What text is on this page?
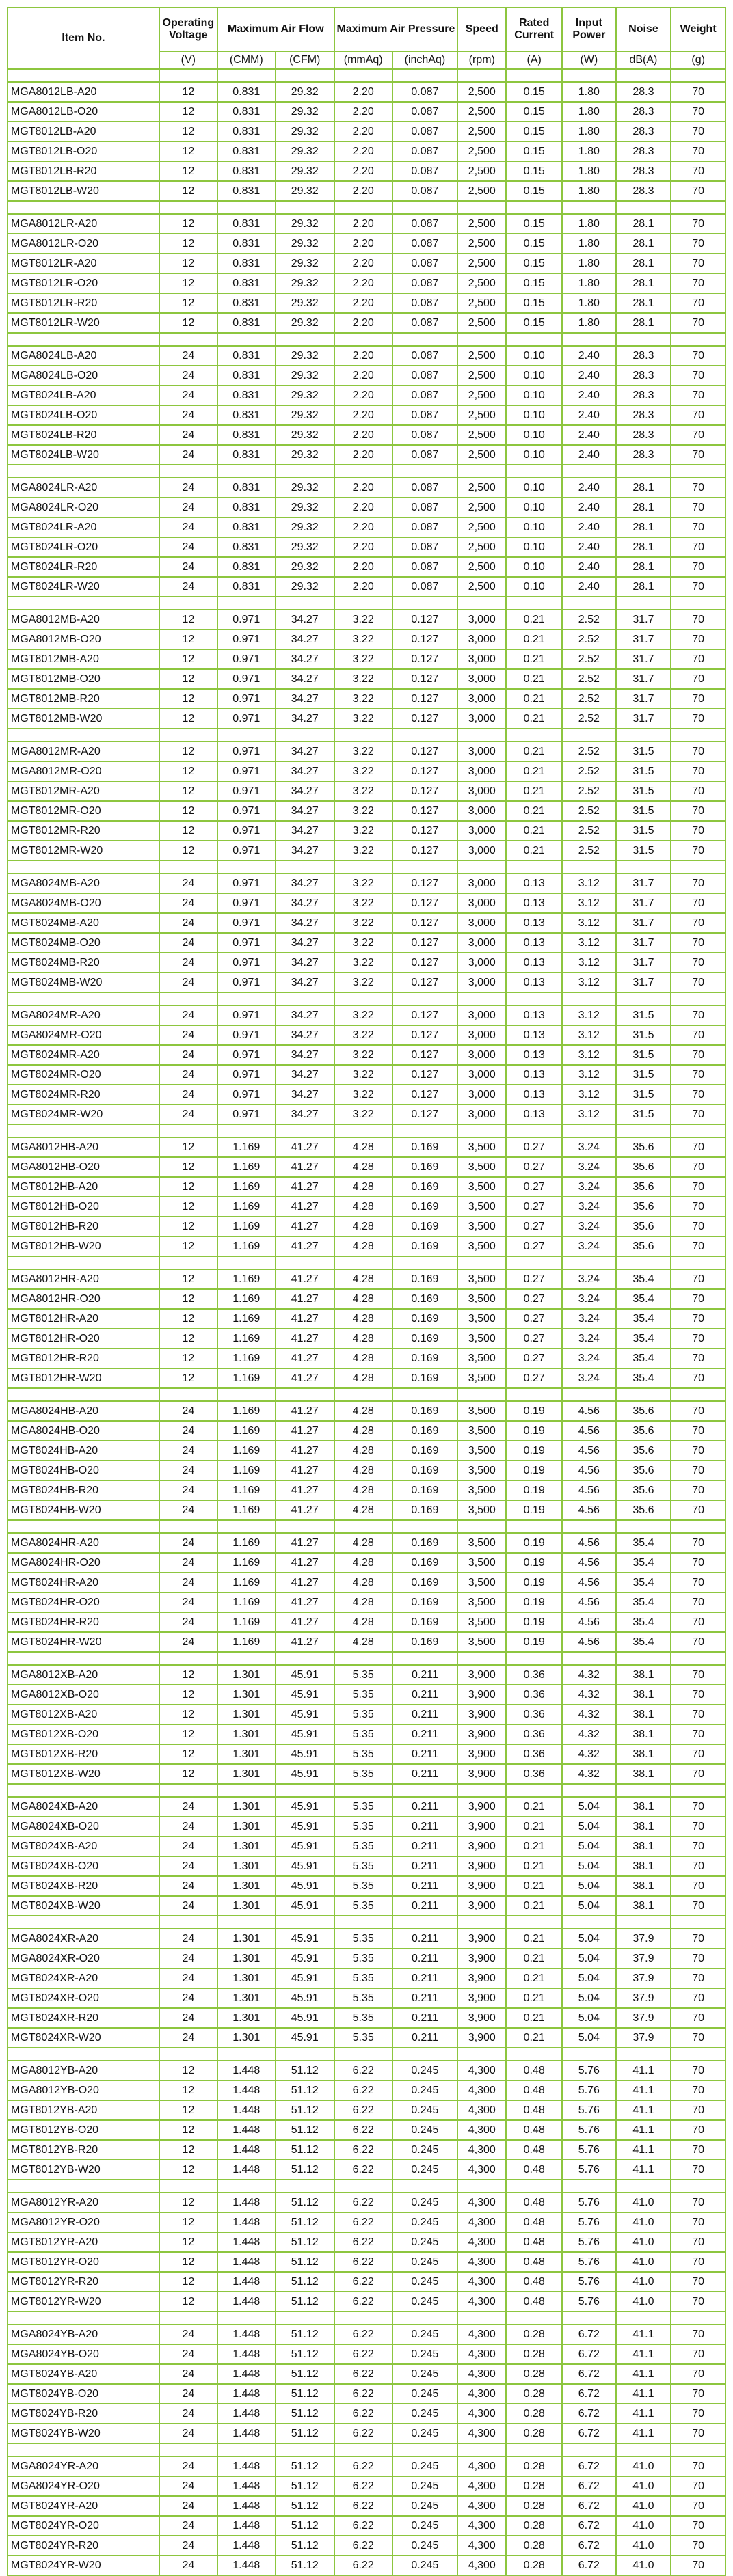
Item No.	Operating Voltage	Maximum Air Flow		Maximum Air Pressure		Speed	Rated Current	Input Power	Noise	Weight
	(V)	(CMM)	(CFM)	(mmAq)	(inchAq)	(rpm)	(A)	(W)	dB(A)	(g)

MGA8012LB-A20	12	0.831	29.32	2.20	0.087	2,500	0.15	1.80	28.3	70
MGA8012LB-O20	12	0.831	29.32	2.20	0.087	2,500	0.15	1.80	28.3	70
MGT8012LB-A20	12	0.831	29.32	2.20	0.087	2,500	0.15	1.80	28.3	70
MGT8012LB-O20	12	0.831	29.32	2.20	0.087	2,500	0.15	1.80	28.3	70
MGT8012LB-R20	12	0.831	29.32	2.20	0.087	2,500	0.15	1.80	28.3	70
MGT8012LB-W20	12	0.831	29.32	2.20	0.087	2,500	0.15	1.80	28.3	70

MGA8012LR-A20	12	0.831	29.32	2.20	0.087	2,500	0.15	1.80	28.1	70
MGA8012LR-O20	12	0.831	29.32	2.20	0.087	2,500	0.15	1.80	28.1	70
MGT8012LR-A20	12	0.831	29.32	2.20	0.087	2,500	0.15	1.80	28.1	70
MGT8012LR-O20	12	0.831	29.32	2.20	0.087	2,500	0.15	1.80	28.1	70
MGT8012LR-R20	12	0.831	29.32	2.20	0.087	2,500	0.15	1.80	28.1	70
MGT8012LR-W20	12	0.831	29.32	2.20	0.087	2,500	0.15	1.80	28.1	70

MGA8024LB-A20	24	0.831	29.32	2.20	0.087	2,500	0.10	2.40	28.3	70
MGA8024LB-O20	24	0.831	29.32	2.20	0.087	2,500	0.10	2.40	28.3	70
MGT8024LB-A20	24	0.831	29.32	2.20	0.087	2,500	0.10	2.40	28.3	70
MGT8024LB-O20	24	0.831	29.32	2.20	0.087	2,500	0.10	2.40	28.3	70
MGT8024LB-R20	24	0.831	29.32	2.20	0.087	2,500	0.10	2.40	28.3	70
MGT8024LB-W20	24	0.831	29.32	2.20	0.087	2,500	0.10	2.40	28.3	70

MGA8024LR-A20	24	0.831	29.32	2.20	0.087	2,500	0.10	2.40	28.1	70
MGA8024LR-O20	24	0.831	29.32	2.20	0.087	2,500	0.10	2.40	28.1	70
MGT8024LR-A20	24	0.831	29.32	2.20	0.087	2,500	0.10	2.40	28.1	70
MGT8024LR-O20	24	0.831	29.32	2.20	0.087	2,500	0.10	2.40	28.1	70
MGT8024LR-R20	24	0.831	29.32	2.20	0.087	2,500	0.10	2.40	28.1	70
MGT8024LR-W20	24	0.831	29.32	2.20	0.087	2,500	0.10	2.40	28.1	70

MGA8012MB-A20	12	0.971	34.27	3.22	0.127	3,000	0.21	2.52	31.7	70
MGA8012MB-O20	12	0.971	34.27	3.22	0.127	3,000	0.21	2.52	31.7	70
MGT8012MB-A20	12	0.971	34.27	3.22	0.127	3,000	0.21	2.52	31.7	70
MGT8012MB-O20	12	0.971	34.27	3.22	0.127	3,000	0.21	2.52	31.7	70
MGT8012MB-R20	12	0.971	34.27	3.22	0.127	3,000	0.21	2.52	31.7	70
MGT8012MB-W20	12	0.971	34.27	3.22	0.127	3,000	0.21	2.52	31.7	70

MGA8012MR-A20	12	0.971	34.27	3.22	0.127	3,000	0.21	2.52	31.5	70
MGA8012MR-O20	12	0.971	34.27	3.22	0.127	3,000	0.21	2.52	31.5	70
MGT8012MR-A20	12	0.971	34.27	3.22	0.127	3,000	0.21	2.52	31.5	70
MGT8012MR-O20	12	0.971	34.27	3.22	0.127	3,000	0.21	2.52	31.5	70
MGT8012MR-R20	12	0.971	34.27	3.22	0.127	3,000	0.21	2.52	31.5	70
MGT8012MR-W20	12	0.971	34.27	3.22	0.127	3,000	0.21	2.52	31.5	70

MGA8024MB-A20	24	0.971	34.27	3.22	0.127	3,000	0.13	3.12	31.7	70
MGA8024MB-O20	24	0.971	34.27	3.22	0.127	3,000	0.13	3.12	31.7	70
MGT8024MB-A20	24	0.971	34.27	3.22	0.127	3,000	0.13	3.12	31.7	70
MGT8024MB-O20	24	0.971	34.27	3.22	0.127	3,000	0.13	3.12	31.7	70
MGT8024MB-R20	24	0.971	34.27	3.22	0.127	3,000	0.13	3.12	31.7	70
MGT8024MB-W20	24	0.971	34.27	3.22	0.127	3,000	0.13	3.12	31.7	70

MGA8024MR-A20	24	0.971	34.27	3.22	0.127	3,000	0.13	3.12	31.5	70
MGA8024MR-O20	24	0.971	34.27	3.22	0.127	3,000	0.13	3.12	31.5	70
MGT8024MR-A20	24	0.971	34.27	3.22	0.127	3,000	0.13	3.12	31.5	70
MGT8024MR-O20	24	0.971	34.27	3.22	0.127	3,000	0.13	3.12	31.5	70
MGT8024MR-R20	24	0.971	34.27	3.22	0.127	3,000	0.13	3.12	31.5	70
MGT8024MR-W20	24	0.971	34.27	3.22	0.127	3,000	0.13	3.12	31.5	70

MGA8012HB-A20	12	1.169	41.27	4.28	0.169	3,500	0.27	3.24	35.6	70
MGA8012HB-O20	12	1.169	41.27	4.28	0.169	3,500	0.27	3.24	35.6	70
MGT8012HB-A20	12	1.169	41.27	4.28	0.169	3,500	0.27	3.24	35.6	70
MGT8012HB-O20	12	1.169	41.27	4.28	0.169	3,500	0.27	3.24	35.6	70
MGT8012HB-R20	12	1.169	41.27	4.28	0.169	3,500	0.27	3.24	35.6	70
MGT8012HB-W20	12	1.169	41.27	4.28	0.169	3,500	0.27	3.24	35.6	70

MGA8012HR-A20	12	1.169	41.27	4.28	0.169	3,500	0.27	3.24	35.4	70
MGA8012HR-O20	12	1.169	41.27	4.28	0.169	3,500	0.27	3.24	35.4	70
MGT8012HR-A20	12	1.169	41.27	4.28	0.169	3,500	0.27	3.24	35.4	70
MGT8012HR-O20	12	1.169	41.27	4.28	0.169	3,500	0.27	3.24	35.4	70
MGT8012HR-R20	12	1.169	41.27	4.28	0.169	3,500	0.27	3.24	35.4	70
MGT8012HR-W20	12	1.169	41.27	4.28	0.169	3,500	0.27	3.24	35.4	70

MGA8024HB-A20	24	1.169	41.27	4.28	0.169	3,500	0.19	4.56	35.6	70
MGA8024HB-O20	24	1.169	41.27	4.28	0.169	3,500	0.19	4.56	35.6	70
MGT8024HB-A20	24	1.169	41.27	4.28	0.169	3,500	0.19	4.56	35.6	70
MGT8024HB-O20	24	1.169	41.27	4.28	0.169	3,500	0.19	4.56	35.6	70
MGT8024HB-R20	24	1.169	41.27	4.28	0.169	3,500	0.19	4.56	35.6	70
MGT8024HB-W20	24	1.169	41.27	4.28	0.169	3,500	0.19	4.56	35.6	70

MGA8024HR-A20	24	1.169	41.27	4.28	0.169	3,500	0.19	4.56	35.4	70
MGA8024HR-O20	24	1.169	41.27	4.28	0.169	3,500	0.19	4.56	35.4	70
MGT8024HR-A20	24	1.169	41.27	4.28	0.169	3,500	0.19	4.56	35.4	70
MGT8024HR-O20	24	1.169	41.27	4.28	0.169	3,500	0.19	4.56	35.4	70
MGT8024HR-R20	24	1.169	41.27	4.28	0.169	3,500	0.19	4.56	35.4	70
MGT8024HR-W20	24	1.169	41.27	4.28	0.169	3,500	0.19	4.56	35.4	70

MGA8012XB-A20	12	1.301	45.91	5.35	0.211	3,900	0.36	4.32	38.1	70
MGA8012XB-O20	12	1.301	45.91	5.35	0.211	3,900	0.36	4.32	38.1	70
MGT8012XB-A20	12	1.301	45.91	5.35	0.211	3,900	0.36	4.32	38.1	70
MGT8012XB-O20	12	1.301	45.91	5.35	0.211	3,900	0.36	4.32	38.1	70
MGT8012XB-R20	12	1.301	45.91	5.35	0.211	3,900	0.36	4.32	38.1	70
MGT8012XB-W20	12	1.301	45.91	5.35	0.211	3,900	0.36	4.32	38.1	70

MGA8024XB-A20	24	1.301	45.91	5.35	0.211	3,900	0.21	5.04	38.1	70
MGA8024XB-O20	24	1.301	45.91	5.35	0.211	3,900	0.21	5.04	38.1	70
MGT8024XB-A20	24	1.301	45.91	5.35	0.211	3,900	0.21	5.04	38.1	70
MGT8024XB-O20	24	1.301	45.91	5.35	0.211	3,900	0.21	5.04	38.1	70
MGT8024XB-R20	24	1.301	45.91	5.35	0.211	3,900	0.21	5.04	38.1	70
MGT8024XB-W20	24	1.301	45.91	5.35	0.211	3,900	0.21	5.04	38.1	70

MGA8024XR-A20	24	1.301	45.91	5.35	0.211	3,900	0.21	5.04	37.9	70
MGA8024XR-O20	24	1.301	45.91	5.35	0.211	3,900	0.21	5.04	37.9	70
MGT8024XR-A20	24	1.301	45.91	5.35	0.211	3,900	0.21	5.04	37.9	70
MGT8024XR-O20	24	1.301	45.91	5.35	0.211	3,900	0.21	5.04	37.9	70
MGT8024XR-R20	24	1.301	45.91	5.35	0.211	3,900	0.21	5.04	37.9	70
MGT8024XR-W20	24	1.301	45.91	5.35	0.211	3,900	0.21	5.04	37.9	70

MGA8012YB-A20	12	1.448	51.12	6.22	0.245	4,300	0.48	5.76	41.1	70
MGA8012YB-O20	12	1.448	51.12	6.22	0.245	4,300	0.48	5.76	41.1	70
MGT8012YB-A20	12	1.448	51.12	6.22	0.245	4,300	0.48	5.76	41.1	70
MGT8012YB-O20	12	1.448	51.12	6.22	0.245	4,300	0.48	5.76	41.1	70
MGT8012YB-R20	12	1.448	51.12	6.22	0.245	4,300	0.48	5.76	41.1	70
MGT8012YB-W20	12	1.448	51.12	6.22	0.245	4,300	0.48	5.76	41.1	70

MGA8012YR-A20	12	1.448	51.12	6.22	0.245	4,300	0.48	5.76	41.0	70
MGA8012YR-O20	12	1.448	51.12	6.22	0.245	4,300	0.48	5.76	41.0	70
MGT8012YR-A20	12	1.448	51.12	6.22	0.245	4,300	0.48	5.76	41.0	70
MGT8012YR-O20	12	1.448	51.12	6.22	0.245	4,300	0.48	5.76	41.0	70
MGT8012YR-R20	12	1.448	51.12	6.22	0.245	4,300	0.48	5.76	41.0	70
MGT8012YR-W20	12	1.448	51.12	6.22	0.245	4,300	0.48	5.76	41.0	70

MGA8024YB-A20	24	1.448	51.12	6.22	0.245	4,300	0.28	6.72	41.1	70
MGA8024YB-O20	24	1.448	51.12	6.22	0.245	4,300	0.28	6.72	41.1	70
MGT8024YB-A20	24	1.448	51.12	6.22	0.245	4,300	0.28	6.72	41.1	70
MGT8024YB-O20	24	1.448	51.12	6.22	0.245	4,300	0.28	6.72	41.1	70
MGT8024YB-R20	24	1.448	51.12	6.22	0.245	4,300	0.28	6.72	41.1	70
MGT8024YB-W20	24	1.448	51.12	6.22	0.245	4,300	0.28	6.72	41.1	70

MGA8024YR-A20	24	1.448	51.12	6.22	0.245	4,300	0.28	6.72	41.0	70
MGA8024YR-O20	24	1.448	51.12	6.22	0.245	4,300	0.28	6.72	41.0	70
MGT8024YR-A20	24	1.448	51.12	6.22	0.245	4,300	0.28	6.72	41.0	70
MGT8024YR-O20	24	1.448	51.12	6.22	0.245	4,300	0.28	6.72	41.0	70
MGT8024YR-R20	24	1.448	51.12	6.22	0.245	4,300	0.28	6.72	41.0	70
MGT8024YR-W20	24	1.448	51.12	6.22	0.245	4,300	0.28	6.72	41.0	70
